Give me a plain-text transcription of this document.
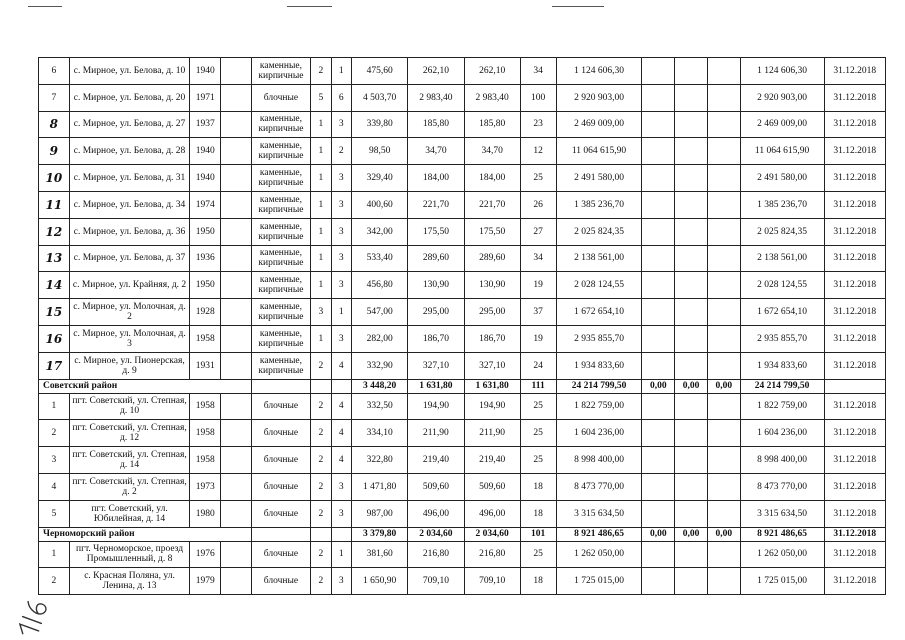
6	с. Мирное, ул. Белова, д. 10	1940		каменные, кирпичные	2	1	475,60	262,10	262,10	34	1 124 606,30				1 124 606,30	31.12.2018
7	с. Мирное, ул. Белова, д. 20	1971		блочные	5	6	4 503,70	2 983,40	2 983,40	100	2 920 903,00				2 920 903,00	31.12.2018
8	с. Мирное, ул. Белова, д. 27	1937		каменные, кирпичные	1	3	339,80	185,80	185,80	23	2 469 009,00				2 469 009,00	31.12.2018
9	с. Мирное, ул. Белова, д. 28	1940		каменные, кирпичные	1	2	98,50	34,70	34,70	12	11 064 615,90				11 064 615,90	31.12.2018
10	с. Мирное, ул. Белова, д. 31	1940		каменные, кирпичные	1	3	329,40	184,00	184,00	25	2 491 580,00				2 491 580,00	31.12.2018
11	с. Мирное, ул. Белова, д. 34	1974		каменные, кирпичные	1	3	400,60	221,70	221,70	26	1 385 236,70				1 385 236,70	31.12.2018
12	с. Мирное, ул. Белова, д. 36	1950		каменные, кирпичные	1	3	342,00	175,50	175,50	27	2 025 824,35				2 025 824,35	31.12.2018
13	с. Мирное, ул. Белова, д. 37	1936		каменные, кирпичные	1	3	533,40	289,60	289,60	34	2 138 561,00				2 138 561,00	31.12.2018
14	с. Мирное, ул. Крайняя, д. 2	1950		каменные, кирпичные	1	3	456,80	130,90	130,90	19	2 028 124,55				2 028 124,55	31.12.2018
15	с. Мирное, ул. Молочная, д. 2	1928		каменные, кирпичные	3	1	547,00	295,00	295,00	37	1 672 654,10				1 672 654,10	31.12.2018
16	с. Мирное, ул. Молочная, д. 3	1958		каменные, кирпичные	1	3	282,00	186,70	186,70	19	2 935 855,70				2 935 855,70	31.12.2018
17	с. Мирное, ул. Пионерская, д. 9	1931		каменные, кирпичные	2	4	332,90	327,10	327,10	24	1 934 833,60				1 934 833,60	31.12.2018
Советский район							3 448,20	1 631,80	1 631,80	111	24 214 799,50	0,00	0,00	0,00	24 214 799,50	
1	пгт. Советский, ул. Степная, д. 10	1958		блочные	2	4	332,50	194,90	194,90	25	1 822 759,00				1 822 759,00	31.12.2018
2	пгт. Советский, ул. Степная, д. 12	1958		блочные	2	4	334,10	211,90	211,90	25	1 604 236,00				1 604 236,00	31.12.2018
3	пгт. Советский, ул. Степная, д. 14	1958		блочные	2	4	322,80	219,40	219,40	25	8 998 400,00				8 998 400,00	31.12.2018
4	пгт. Советский, ул. Степная, д. 2	1973		блочные	2	3	1 471,80	509,60	509,60	18	8 473 770,00				8 473 770,00	31.12.2018
5	пгт. Советский, ул. Юбилейная, д. 14	1980		блочные	2	3	987,00	496,00	496,00	18	3 315 634,50				3 315 634,50	31.12.2018
Черноморский район							3 379,80	2 034,60	2 034,60	101	8 921 486,65	0,00	0,00	0,00	8 921 486,65	31.12.2018
1	пгт. Черноморское, проезд Промышленный, д. 8	1976		блочные	2	1	381,60	216,80	216,80	25	1 262 050,00				1 262 050,00	31.12.2018
2	с. Красная Поляна, ул. Ленина, д. 13	1979		блочные	2	3	1 650,90	709,10	709,10	18	1 725 015,00				1 725 015,00	31.12.2018
